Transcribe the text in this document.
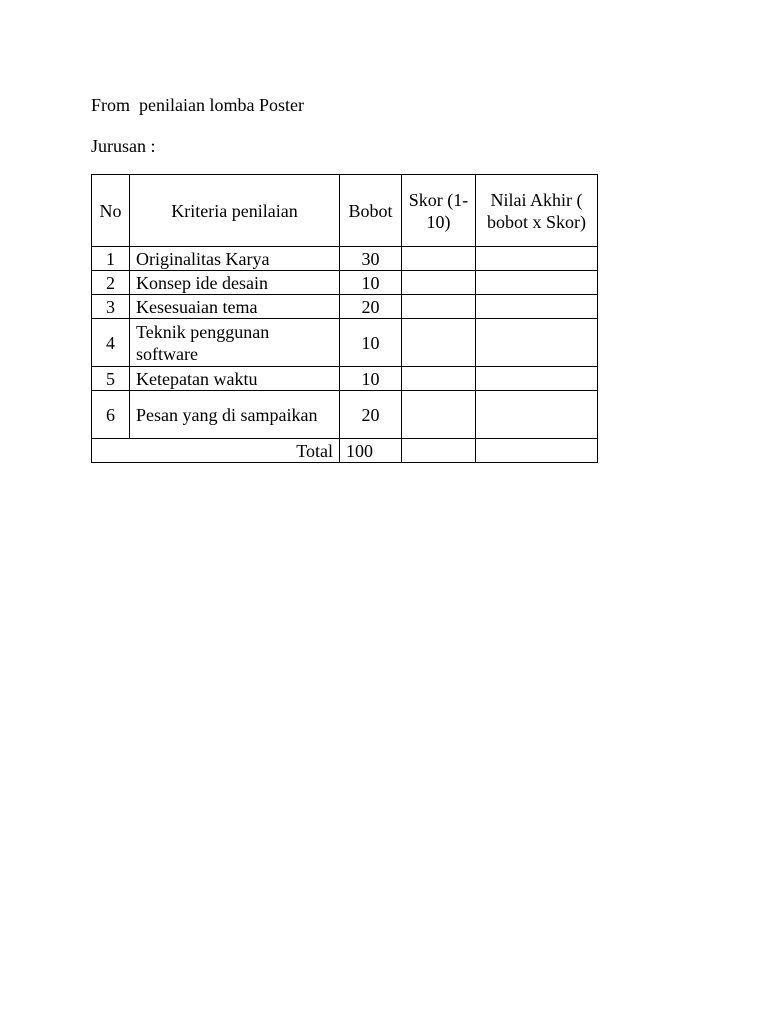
From  penilaian lomba Poster
Jurusan :
No	Kriteria penilaian	Bobot	Skor (1-10)	Nilai Akhir ( bobot x Skor)
1	Originalitas Karya	30		
2	Konsep ide desain	10		
3	Kesesuaian tema	20		
4	Teknik penggunan software	10		
5	Ketepatan waktu	10		
6	Pesan yang di sampaikan	20		
Total		100		
